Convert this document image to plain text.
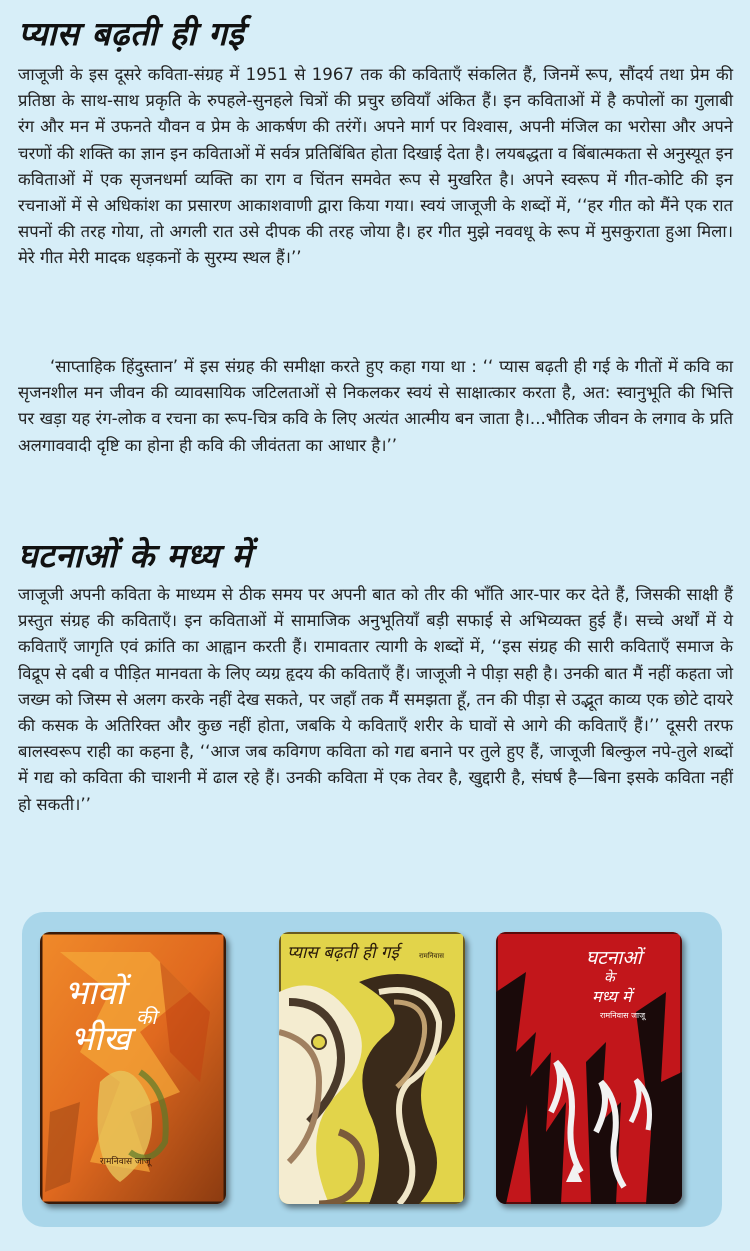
प्यास बढ़ती ही गई

जाजूजी के इस दूसरे कविता-संग्रह में 1951 से 1967 तक की कविताएँ संकलित हैं, जिनमें रूप, सौंदर्य तथा प्रेम की प्रतिष्ठा के साथ-साथ प्रकृति के रुपहले-सुनहले चित्रों की प्रचुर छवियाँ अंकित हैं। इन कविताओं में है कपोलों का गुलाबी रंग और मन में उफनते यौवन व प्रेम के आकर्षण की तरंगें। अपने मार्ग पर विश्वास, अपनी मंजिल का भरोसा और अपने चरणों की शक्ति का ज्ञान इन कविताओं में सर्वत्र प्रतिबिंबित होता दिखाई देता है। लयबद्धता व बिंबात्मकता से अनुस्यूत इन कविताओं में एक सृजनधर्मा व्यक्ति का राग व चिंतन समवेत रूप से मुखरित है। अपने स्वरूप में गीत-कोटि की इन रचनाओं में से अधिकांश का प्रसारण आकाशवाणी द्वारा किया गया। स्वयं जाजूजी के शब्दों में, ‘‘हर गीत को मैंने एक रात सपनों की तरह गोया, तो अगली रात उसे दीपक की तरह जोया है। हर गीत मुझे नववधू के रूप में मुसकुराता हुआ मिला। मेरे गीत मेरी मादक धड़कनों के सुरम्य स्थल हैं।’’

‘साप्ताहिक हिंदुस्तान’ में इस संग्रह की समीक्षा करते हुए कहा गया था : ‘‘ प्यास बढ़ती ही गई के गीतों में कवि का सृजनशील मन जीवन की व्यावसायिक जटिलताओं से निकलकर स्वयं से साक्षात्कार करता है, अत: स्वानुभूति की भित्ति पर खड़ा यह रंग-लोक व रचना का रूप-चित्र कवि के लिए अत्यंत आत्मीय बन जाता है।...भौतिक जीवन के लगाव के प्रति अलगाववादी दृष्टि का होना ही कवि की जीवंतता का आधार है।’’

घटनाओं के मध्य में

जाजूजी अपनी कविता के माध्यम से ठीक समय पर अपनी बात को तीर की भाँति आर-पार कर देते हैं, जिसकी साक्षी हैं प्रस्तुत संग्रह की कविताएँ। इन कविताओं में सामाजिक अनुभूतियाँ बड़ी सफाई से अभिव्यक्त हुई हैं। सच्चे अर्थों में ये कविताएँ जागृति एवं क्रांति का आह्वान करती हैं। रामावतार त्यागी के शब्दों में, ‘‘इस संग्रह की सारी कविताएँ समाज के विद्रूप से दबी व पीड़ित मानवता के लिए व्यग्र हृदय की कविताएँ हैं। जाजूजी ने पीड़ा सही है। उनकी बात मैं नहीं कहता जो जख्म को जिस्म से अलग करके नहीं देख सकते, पर जहाँ तक मैं समझता हूँ, तन की पीड़ा से उद्भूत काव्य एक छोटे दायरे की कसक के अतिरिक्त और कुछ नहीं होता, जबकि ये कविताएँ शरीर के घावों से आगे की कविताएँ हैं।’’ दूसरी तरफ बालस्वरूप राही का कहना है, ‘‘आज जब कविगण कविता को गद्य बनाने पर तुले हुए हैं, जाजूजी बिल्कुल नपे-तुले शब्दों में गद्य को कविता की चाशनी में ढाल रहे हैं। उनकी कविता में एक तेवर है, खुद्दारी है, संघर्ष है—बिना इसके कविता नहीं हो सकती।’’

भावों
की
भीख
रामनिवास जाजू
प्यास बढ़ती ही गई	रामनिवास	घटनाओं
के
मध्य में
रामनिवास जाजू
